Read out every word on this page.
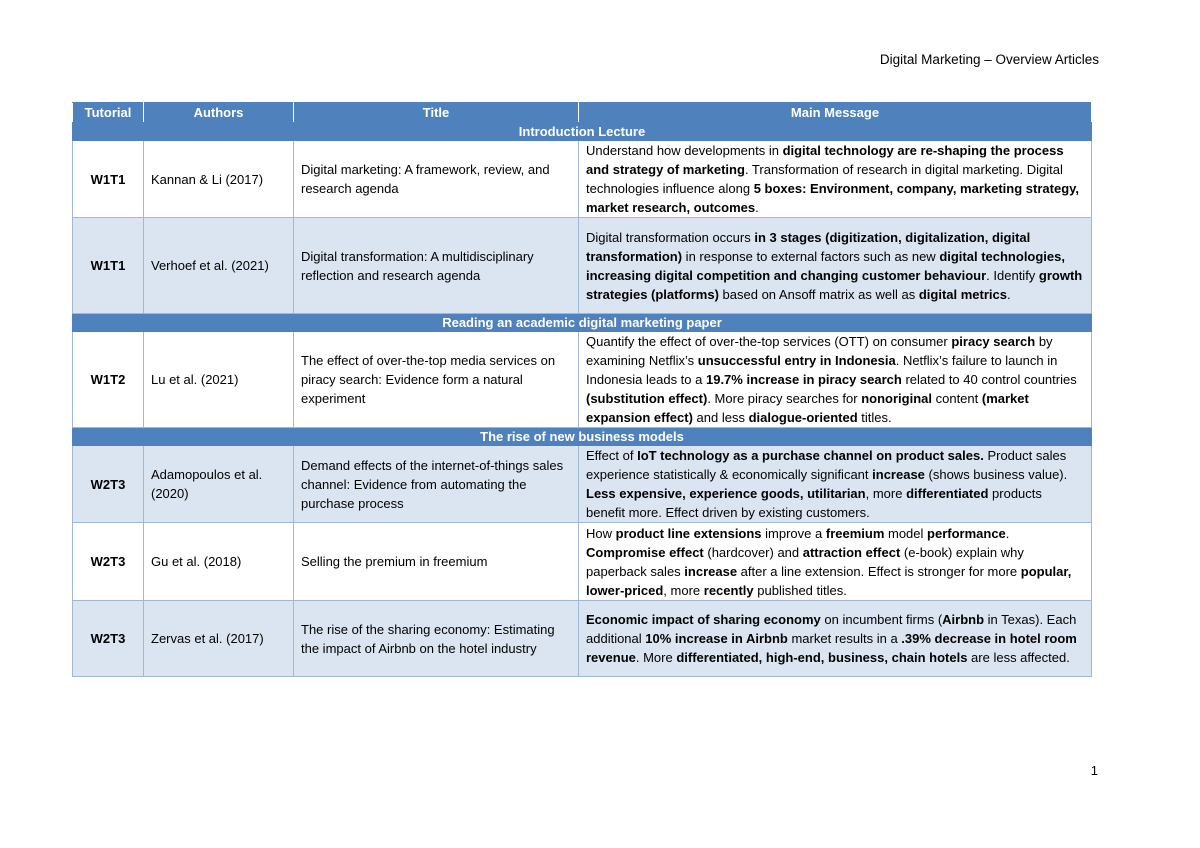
Digital Marketing – Overview Articles
Tutorial	Authors	Title	Main Message
Introduction Lecture			
W1T1	Kannan & Li (2017)	Digital marketing: A framework, review, and research agenda	Understand how developments in digital technology are re-shaping the process and strategy of marketing. Transformation of research in digital marketing. Digital technologies influence along 5 boxes: Environment, company, marketing strategy, market research, outcomes.
W1T1	Verhoef et al. (2021)	Digital transformation: A multidisciplinary reflection and research agenda	Digital transformation occurs in 3 stages (digitization, digitalization, digital transformation) in response to external factors such as new digital technologies, increasing digital competition and changing customer behaviour. Identify growth strategies (platforms) based on Ansoff matrix as well as digital metrics.
Reading an academic digital marketing paper			
W1T2	Lu et al. (2021)	The effect of over-the-top media services on piracy search: Evidence form a natural experiment	Quantify the effect of over-the-top services (OTT) on consumer piracy search by examining Netflix’s unsuccessful entry in Indonesia. Netflix’s failure to launch in Indonesia leads to a 19.7% increase in piracy search related to 40 control countries (substitution effect). More piracy searches for nonoriginal content (market expansion effect) and less dialogue-oriented titles.
The rise of new business models			
W2T3	Adamopoulos et al. (2020)	Demand effects of the internet-of-things sales channel: Evidence from automating the purchase process	Effect of IoT technology as a purchase channel on product sales. Product sales experience statistically & economically significant increase (shows business value). Less expensive, experience goods, utilitarian, more differentiated products benefit more. Effect driven by existing customers.
W2T3	Gu et al. (2018)	Selling the premium in freemium	How product line extensions improve a freemium model performance. Compromise effect (hardcover) and attraction effect (e-book) explain why paperback sales increase after a line extension. Effect is stronger for more popular, lower-priced, more recently published titles.
W2T3	Zervas et al. (2017)	The rise of the sharing economy: Estimating the impact of Airbnb on the hotel industry	Economic impact of sharing economy on incumbent firms (Airbnb in Texas). Each additional 10% increase in Airbnb market results in a .39% decrease in hotel room revenue. More differentiated, high-end, business, chain hotels are less affected.
1
